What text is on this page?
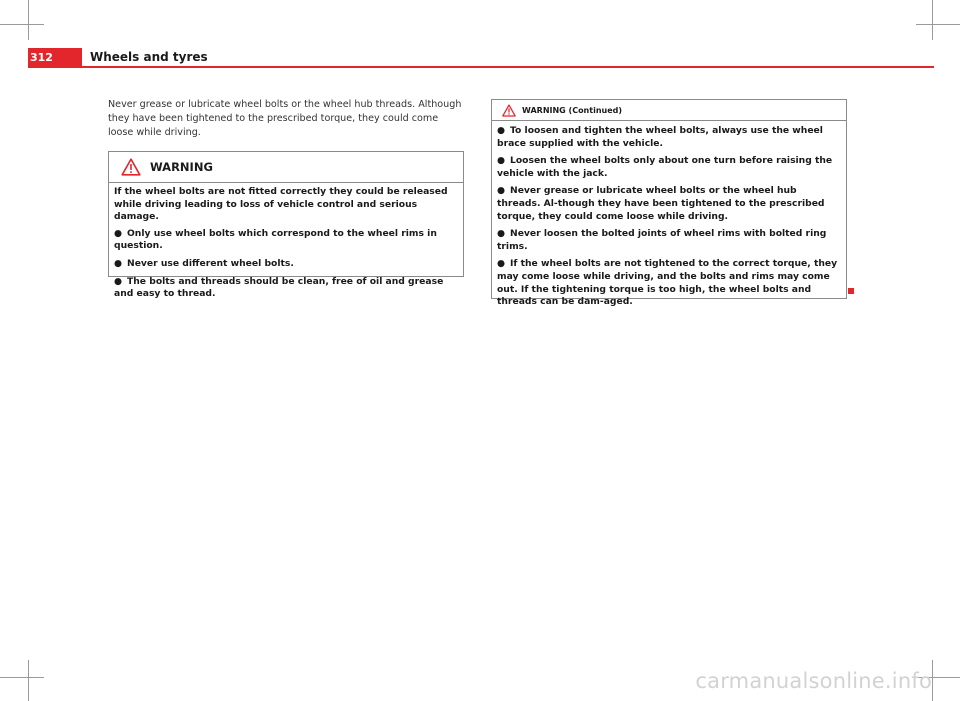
312	Wheels and tyres
Never grease or lubricate wheel bolts or the wheel hub threads. Although they have been tightened to the prescribed torque, they could come loose while driving.
WARNING

If the wheel bolts are not fitted correctly they could be released while driving leading to loss of vehicle control and serious damage.

● Only use wheel bolts which correspond to the wheel rims in question.
● Never use different wheel bolts.
● The bolts and threads should be clean, free of oil and grease and easy to thread.
WARNING (Continued)
● To loosen and tighten the wheel bolts, always use the wheel brace supplied with the vehicle.
● Loosen the wheel bolts only about one turn before raising the vehicle with the jack.
● Never grease or lubricate wheel bolts or the wheel hub threads. Al-though they have been tightened to the prescribed torque, they could come loose while driving.
● Never loosen the bolted joints of wheel rims with bolted ring trims.
● If the wheel bolts are not tightened to the correct torque, they may come loose while driving, and the bolts and rims may come out. If the tightening torque is too high, the wheel bolts and threads can be dam-aged.
carmanualsonline.info
